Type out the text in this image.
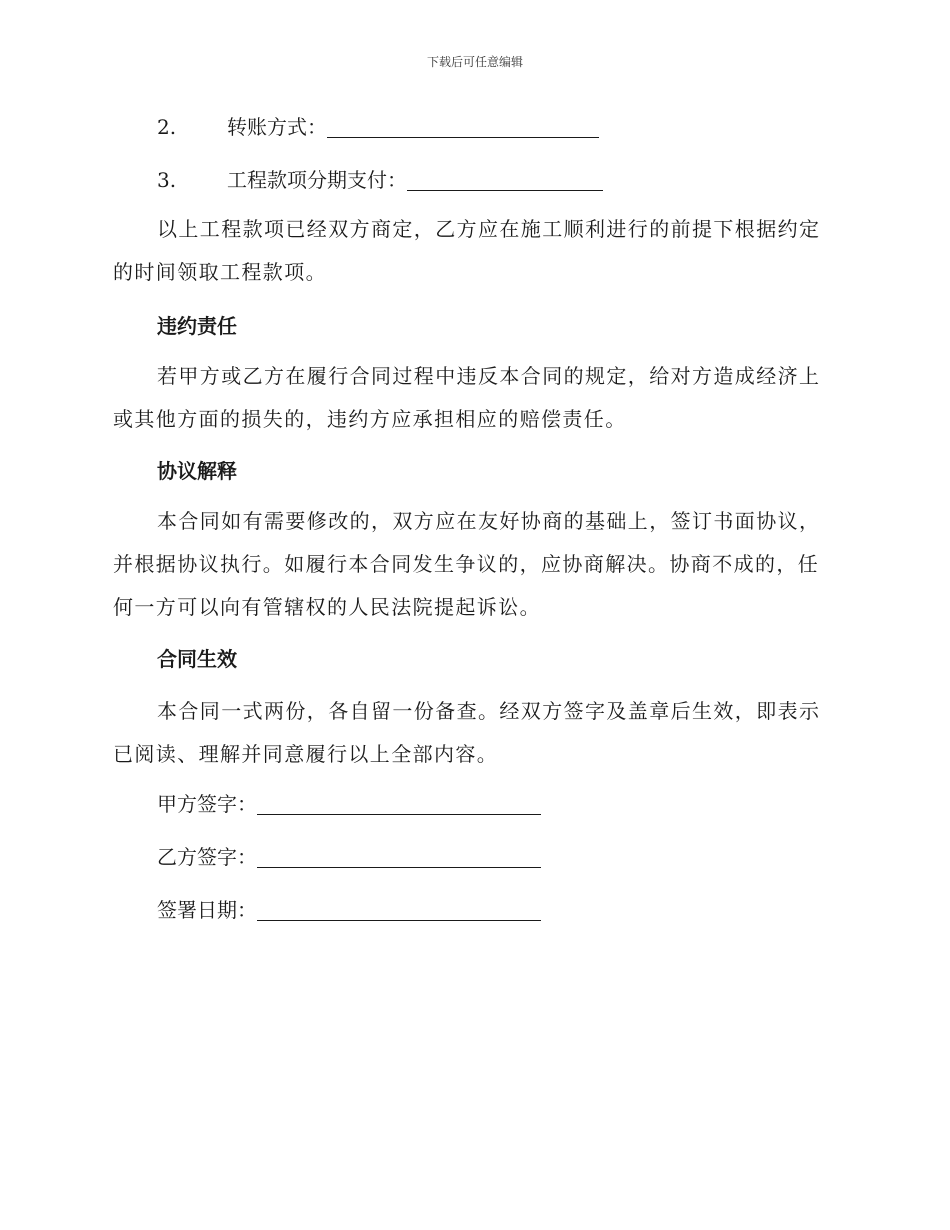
下载后可任意编辑
2.	转账方式：
3.	工程款项分期支付：
以上工程款项已经双方商定，乙方应在施工顺利进行的前提下根据约定的时间领取工程款项。
违约责任
若甲方或乙方在履行合同过程中违反本合同的规定，给对方造成经济上或其他方面的损失的，违约方应承担相应的赔偿责任。
协议解释
本合同如有需要修改的，双方应在友好协商的基础上，签订书面协议，并根据协议执行。如履行本合同发生争议的，应协商解决。协商不成的，任何一方可以向有管辖权的人民法院提起诉讼。
合同生效
本合同一式两份，各自留一份备查。经双方签字及盖章后生效，即表示已阅读、理解并同意履行以上全部内容。
甲方签字：
乙方签字：
签署日期：
